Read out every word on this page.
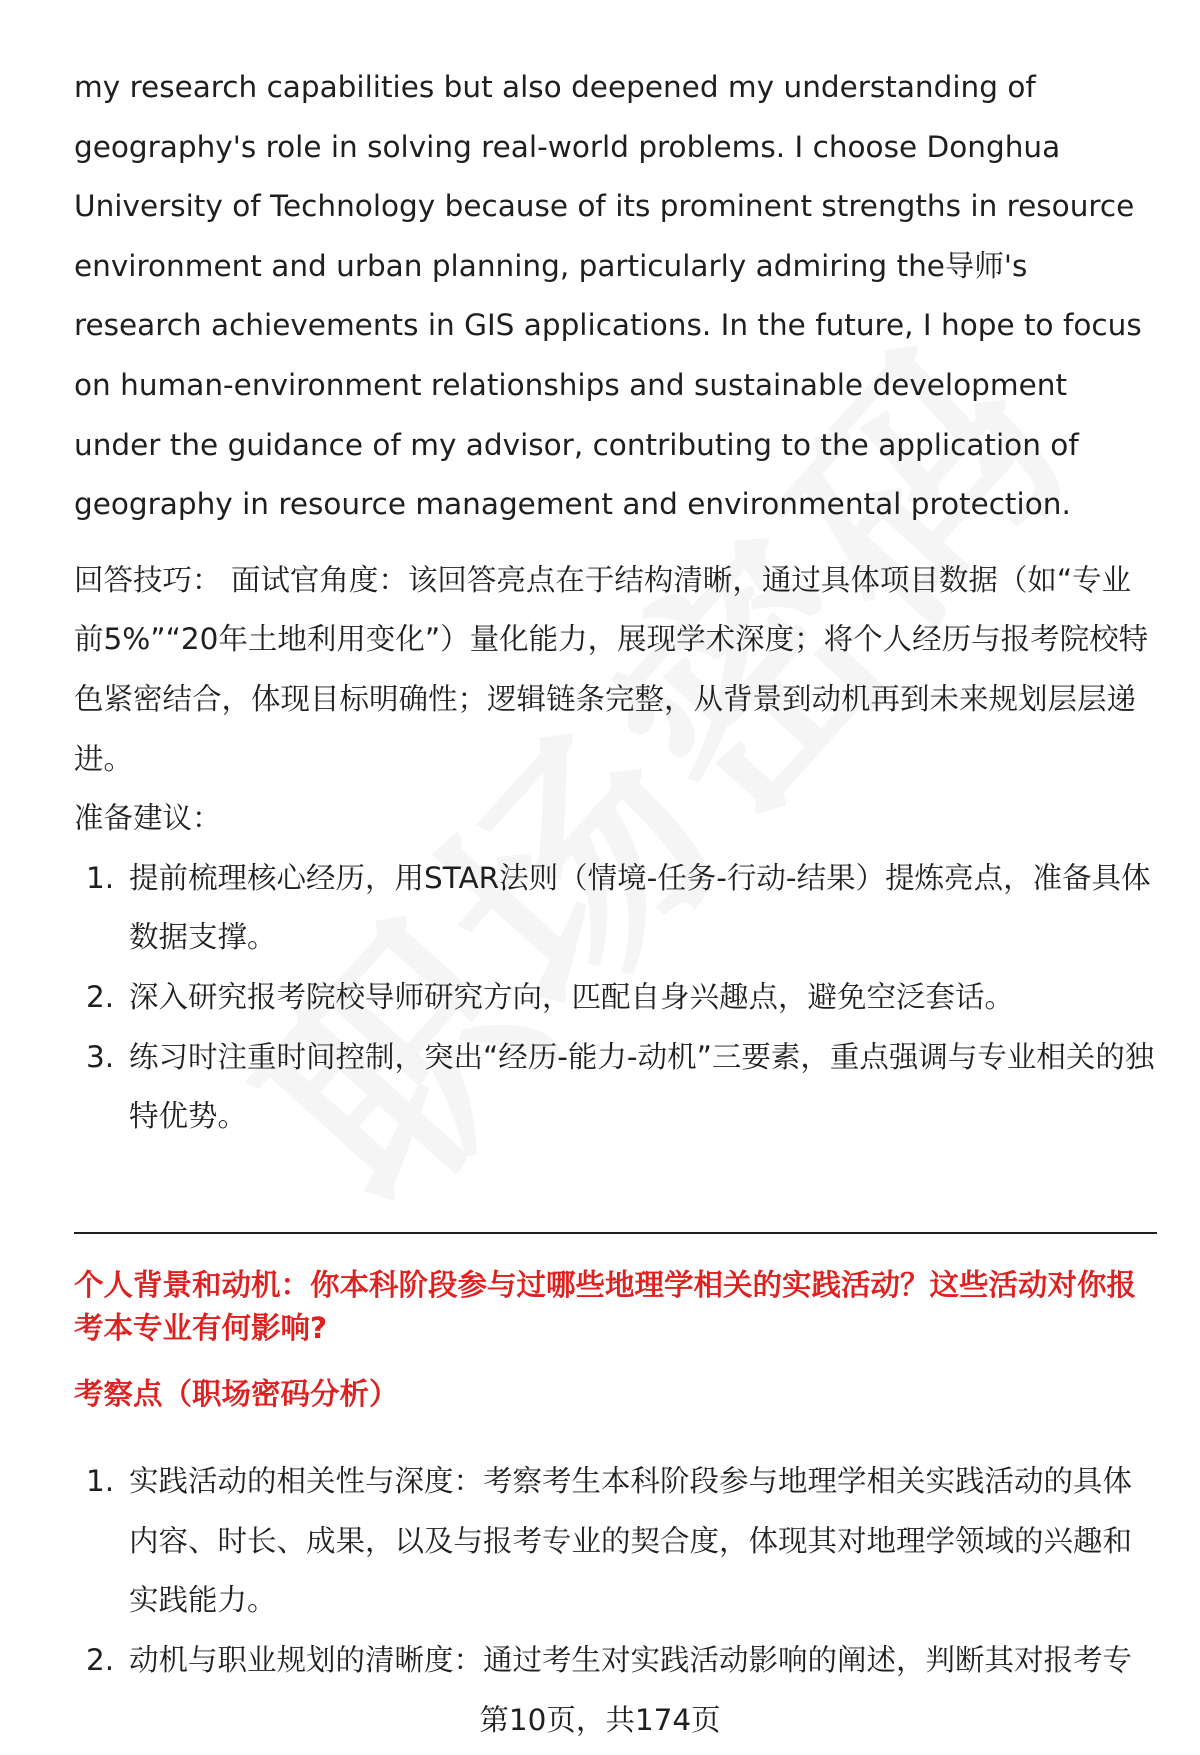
my research capabilities but also deepened my understanding of geography's role in solving real-world problems. I choose Donghua University of Technology because of its prominent strengths in resource environment and urban planning, particularly admiring the导师's research achievements in GIS applications. In the future, I hope to focus on human-environment relationships and sustainable development under the guidance of my advisor, contributing to the application of geography in resource management and environmental protection.

回答技巧： 面试官角度：该回答亮点在于结构清晰，通过具体项目数据（如“专业前5%”“20年土地利用变化”）量化能力，展现学术深度；将个人经历与报考院校特色紧密结合，体现目标明确性；逻辑链条完整，从背景到动机再到未来规划层层递进。

准备建议：

1. 提前梳理核心经历，用STAR法则（情境-任务-行动-结果）提炼亮点，准备具体数据支撑。
2. 深入研究报考院校导师研究方向，匹配自身兴趣点，避免空泛套话。
3. 练习时注重时间控制，突出“经历-能力-动机”三要素，重点强调与专业相关的独特优势。

个人背景和动机：你本科阶段参与过哪些地理学相关的实践活动？这些活动对你报考本专业有何影响?

考察点（职场密码分析）

1. 实践活动的相关性与深度：考察考生本科阶段参与地理学相关实践活动的具体内容、时长、成果，以及与报考专业的契合度，体现其对地理学领域的兴趣和实践能力。
2. 动机与职业规划的清晰度：通过考生对实践活动影响的阐述，判断其对报考专
第10页，共174页
